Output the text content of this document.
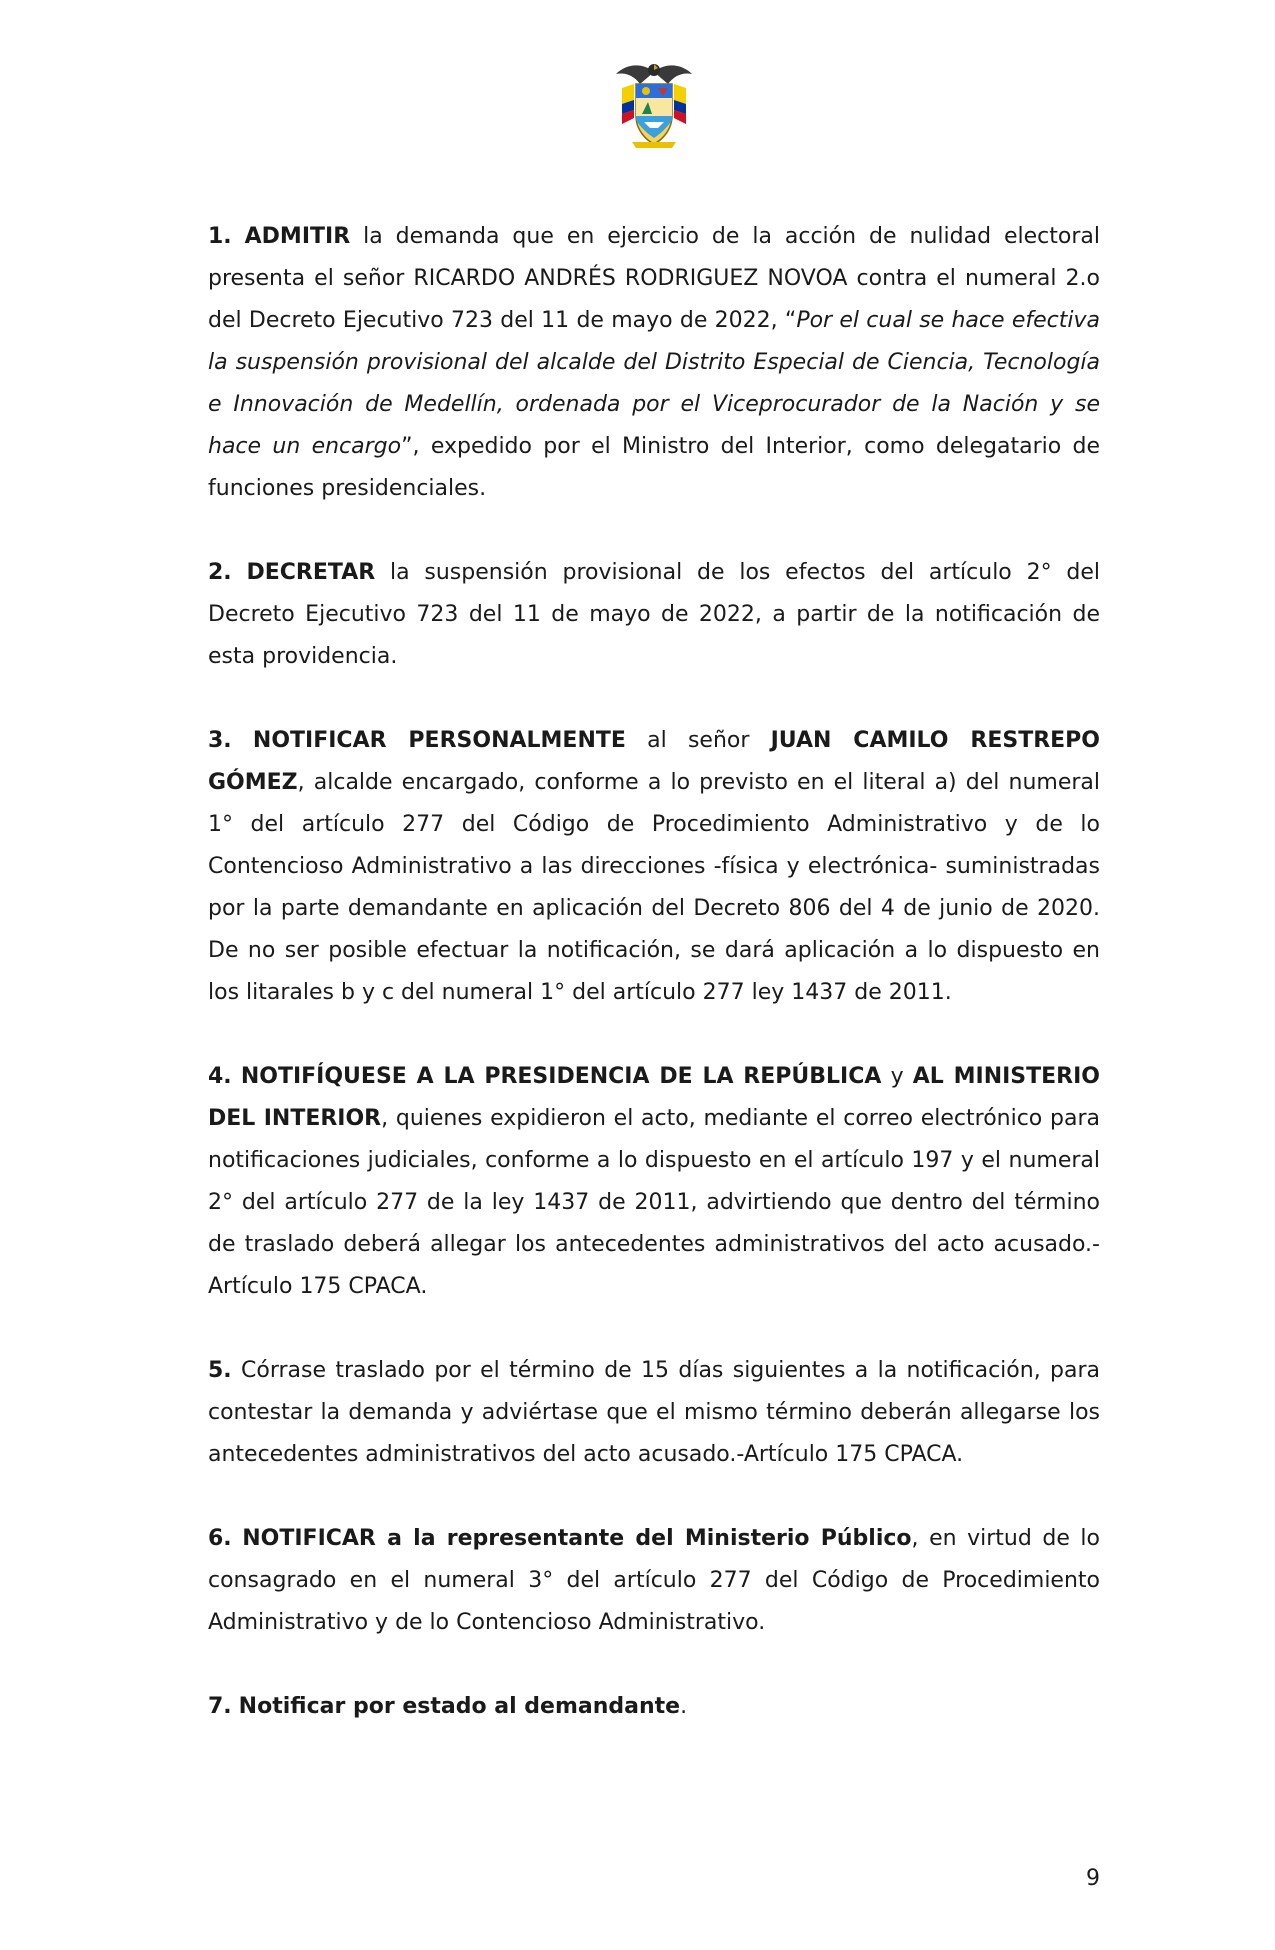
1. ADMITIR la demanda que en ejercicio de la acción de nulidad electoral presenta el señor RICARDO ANDRÉS RODRIGUEZ NOVOA contra el numeral 2.o del Decreto Ejecutivo 723 del 11 de mayo de 2022, “Por el cual se hace efectiva la suspensión provisional del alcalde del Distrito Especial de Ciencia, Tecnología e Innovación de Medellín, ordenada por el Viceprocurador de la Nación y se hace un encargo”, expedido por el Ministro del Interior, como delegatario de funciones presidenciales.

2. DECRETAR la suspensión provisional de los efectos del artículo 2° del Decreto Ejecutivo 723 del 11 de mayo de 2022, a partir de la notificación de esta providencia.

3. NOTIFICAR PERSONALMENTE al señor JUAN CAMILO RESTREPO GÓMEZ, alcalde encargado, conforme a lo previsto en el literal a) del numeral 1° del artículo 277 del Código de Procedimiento Administrativo y de lo Contencioso Administrativo a las direcciones -física y electrónica- suministradas por la parte demandante en aplicación del Decreto 806 del 4 de junio de 2020. De no ser posible efectuar la notificación, se dará aplicación a lo dispuesto en los litarales b y c del numeral 1° del artículo 277 ley 1437 de 2011.

4. NOTIFÍQUESE A LA PRESIDENCIA DE LA REPÚBLICA y AL MINISTERIO DEL INTERIOR, quienes expidieron el acto, mediante el correo electrónico para notificaciones judiciales, conforme a lo dispuesto en el artículo 197 y el numeral 2° del artículo 277 de la ley 1437 de 2011, advirtiendo que dentro del término de traslado deberá allegar los antecedentes administrativos del acto acusado.-Artículo 175 CPACA.

5. Córrase traslado por el término de 15 días siguientes a la notificación, para contestar la demanda y adviértase que el mismo término deberán allegarse los antecedentes administrativos del acto acusado.-Artículo 175 CPACA.

6. NOTIFICAR a la representante del Ministerio Público, en virtud de lo consagrado en el numeral 3° del artículo 277 del Código de Procedimiento Administrativo y de lo Contencioso Administrativo.

7. Notificar por estado al demandante.

9
